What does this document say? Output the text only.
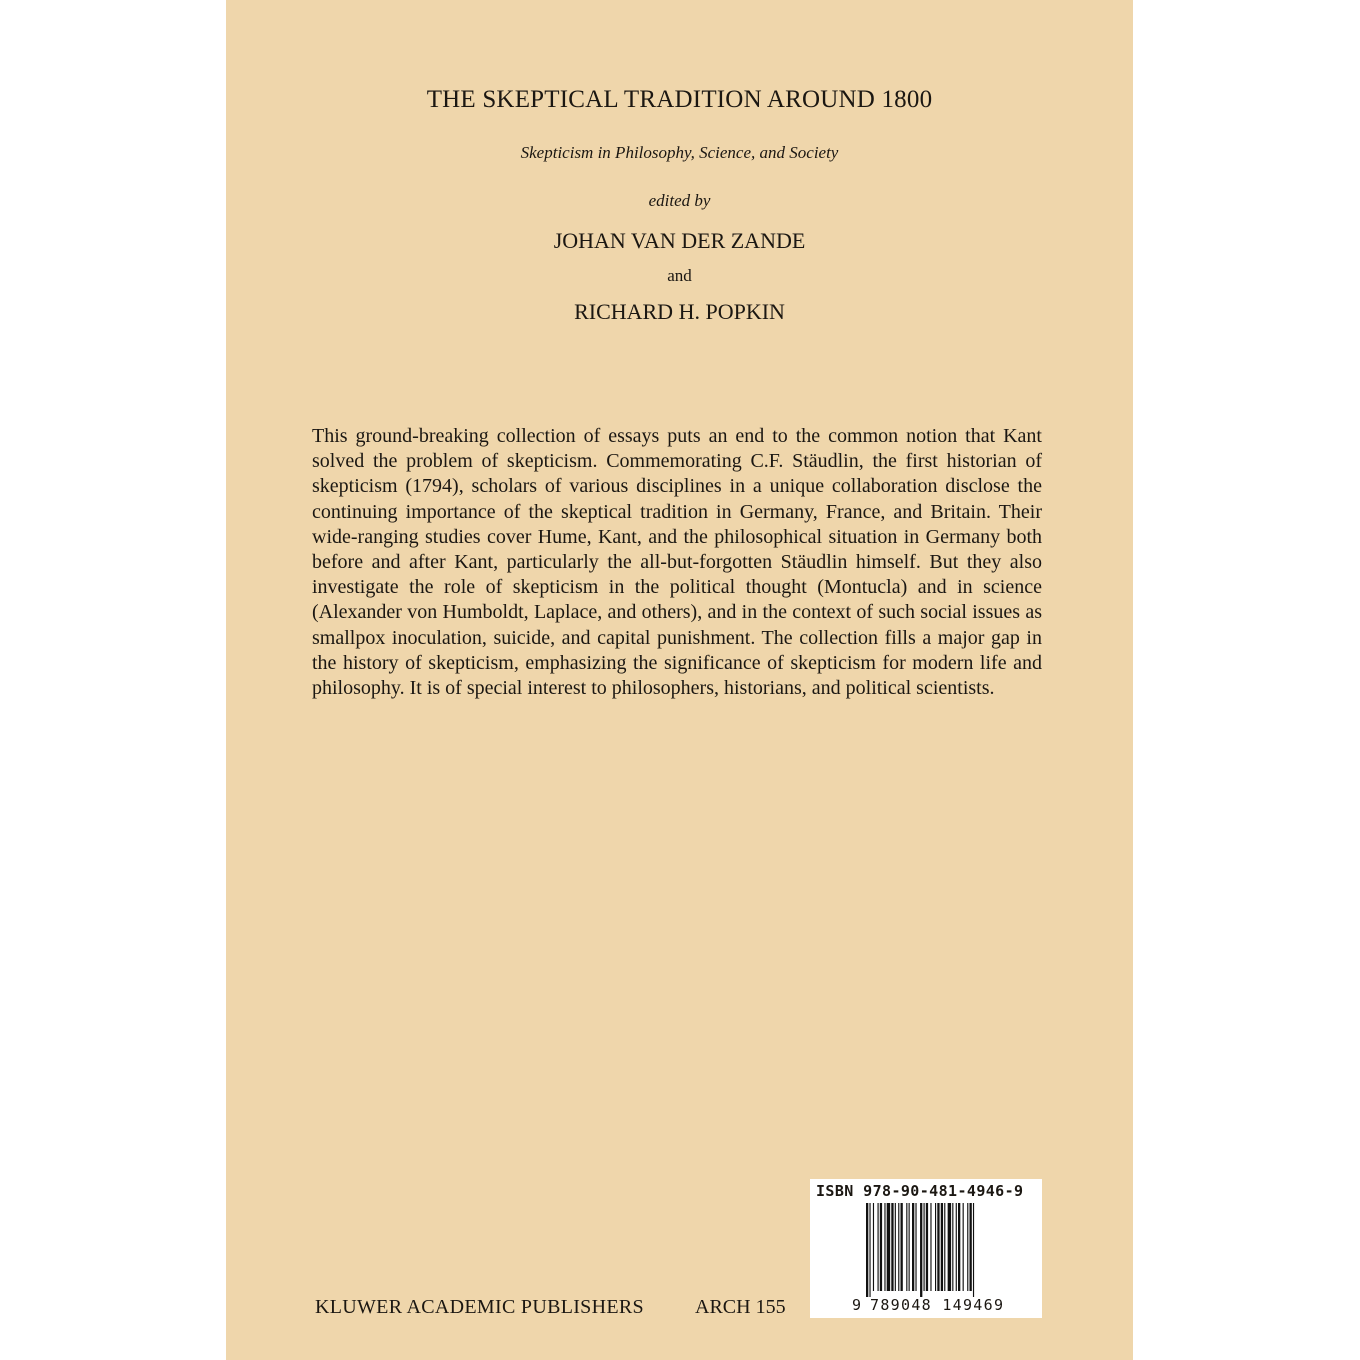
THE SKEPTICAL TRADITION AROUND 1800
Skepticism in Philosophy, Science, and Society
edited by
JOHAN VAN DER ZANDE
and
RICHARD H. POPKIN

This ground-breaking collection of essays puts an end to the common notion that Kant solved the problem of skepticism. Commemorating C.F. Stäudlin, the first historian of skepticism (1794), scholars of various disciplines in a unique collaboration disclose the continuing importance of the skeptical tradition in Germany, France, and Britain. Their wide-ranging studies cover Hume, Kant, and the philosophical situation in Germany both before and after Kant, particularly the all-but-forgotten Stäudlin himself. But they also investigate the role of skepticism in the political thought (Montucla) and in science (Alexander von Humboldt, Laplace, and others), and in the context of such social issues as smallpox inoculation, suicide, and capital punishment. The collection fills a major gap in the history of skepticism, emphasizing the significance of skepticism for modern life and philosophy. It is of special interest to philosophers, historians, and political scientists.

KLUWER ACADEMIC PUBLISHERS	ARCH 155
ISBN 978-90-481-4946-9
9 789048 149469
